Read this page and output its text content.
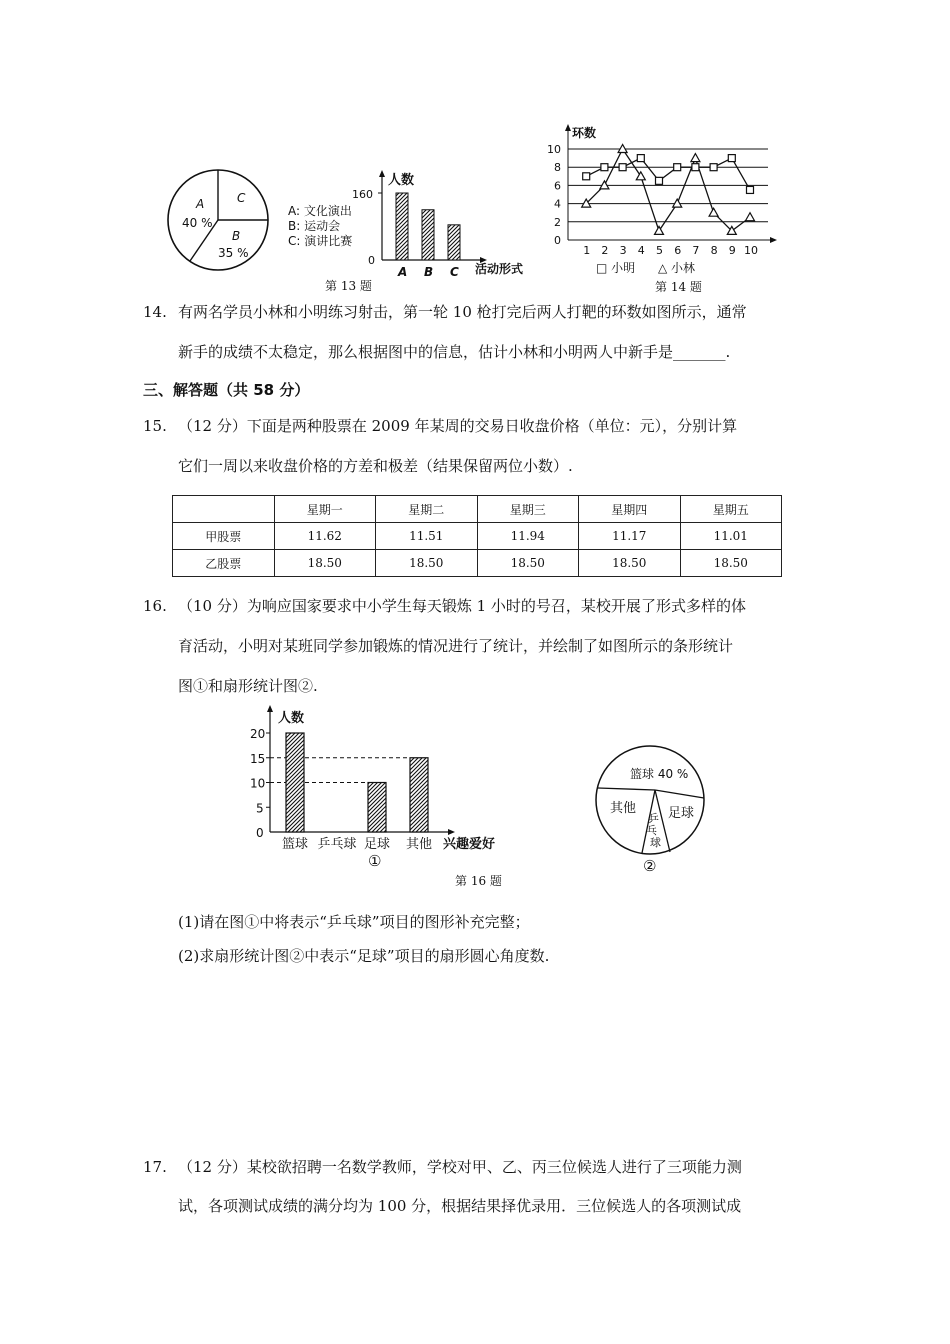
A
40 %
C
B
35 %
A: 文化演出
B: 运动会
C: 演讲比赛
人数
160
0
活动形式
A B C
第 13 题
10
8
6
4
2
0
1 2 3 4 5 6 7 8 9 10
环数
□ 小明 △ 小林
第 14 题
14. 有两名学员小林和小明练习射击，第一轮 10 枪打完后两人打靶的环数如图所示，通常
新手的成绩不太稳定，那么根据图中的信息，估计小林和小明两人中新手是_______.
三、解答题（共 58 分）
15. （12 分）下面是两种股票在 2009 年某周的交易日收盘价格（单位：元），分别计算
它们一周以来收盘价格的方差和极差（结果保留两位小数）.
	星期一	星期二	星期三	星期四	星期五
甲股票	11.62	11.51	11.94	11.17	11.01
乙股票	18.50	18.50	18.50	18.50	18.50
16. （10 分）为响应国家要求中小学生每天锻炼 1 小时的号召，某校开展了形式多样的体
育活动，小明对某班同学参加锻炼的情况进行了统计，并绘制了如图所示的条形统计
图①和扇形统计图②.
20
15
10
5
0
篮球 乒乓球 足球 其他
人数
兴趣爱好
①
第 16 题
篮球 40 %
其他 足球
乒
乓
球
②
(1)请在图①中将表示“乒乓球”项目的图形补充完整；
(2)求扇形统计图②中表示“足球”项目的扇形圆心角度数.
17. （12 分）某校欲招聘一名数学教师，学校对甲、乙、丙三位候选人进行了三项能力测
试，各项测试成绩的满分均为 100 分，根据结果择优录用．三位候选人的各项测试成
